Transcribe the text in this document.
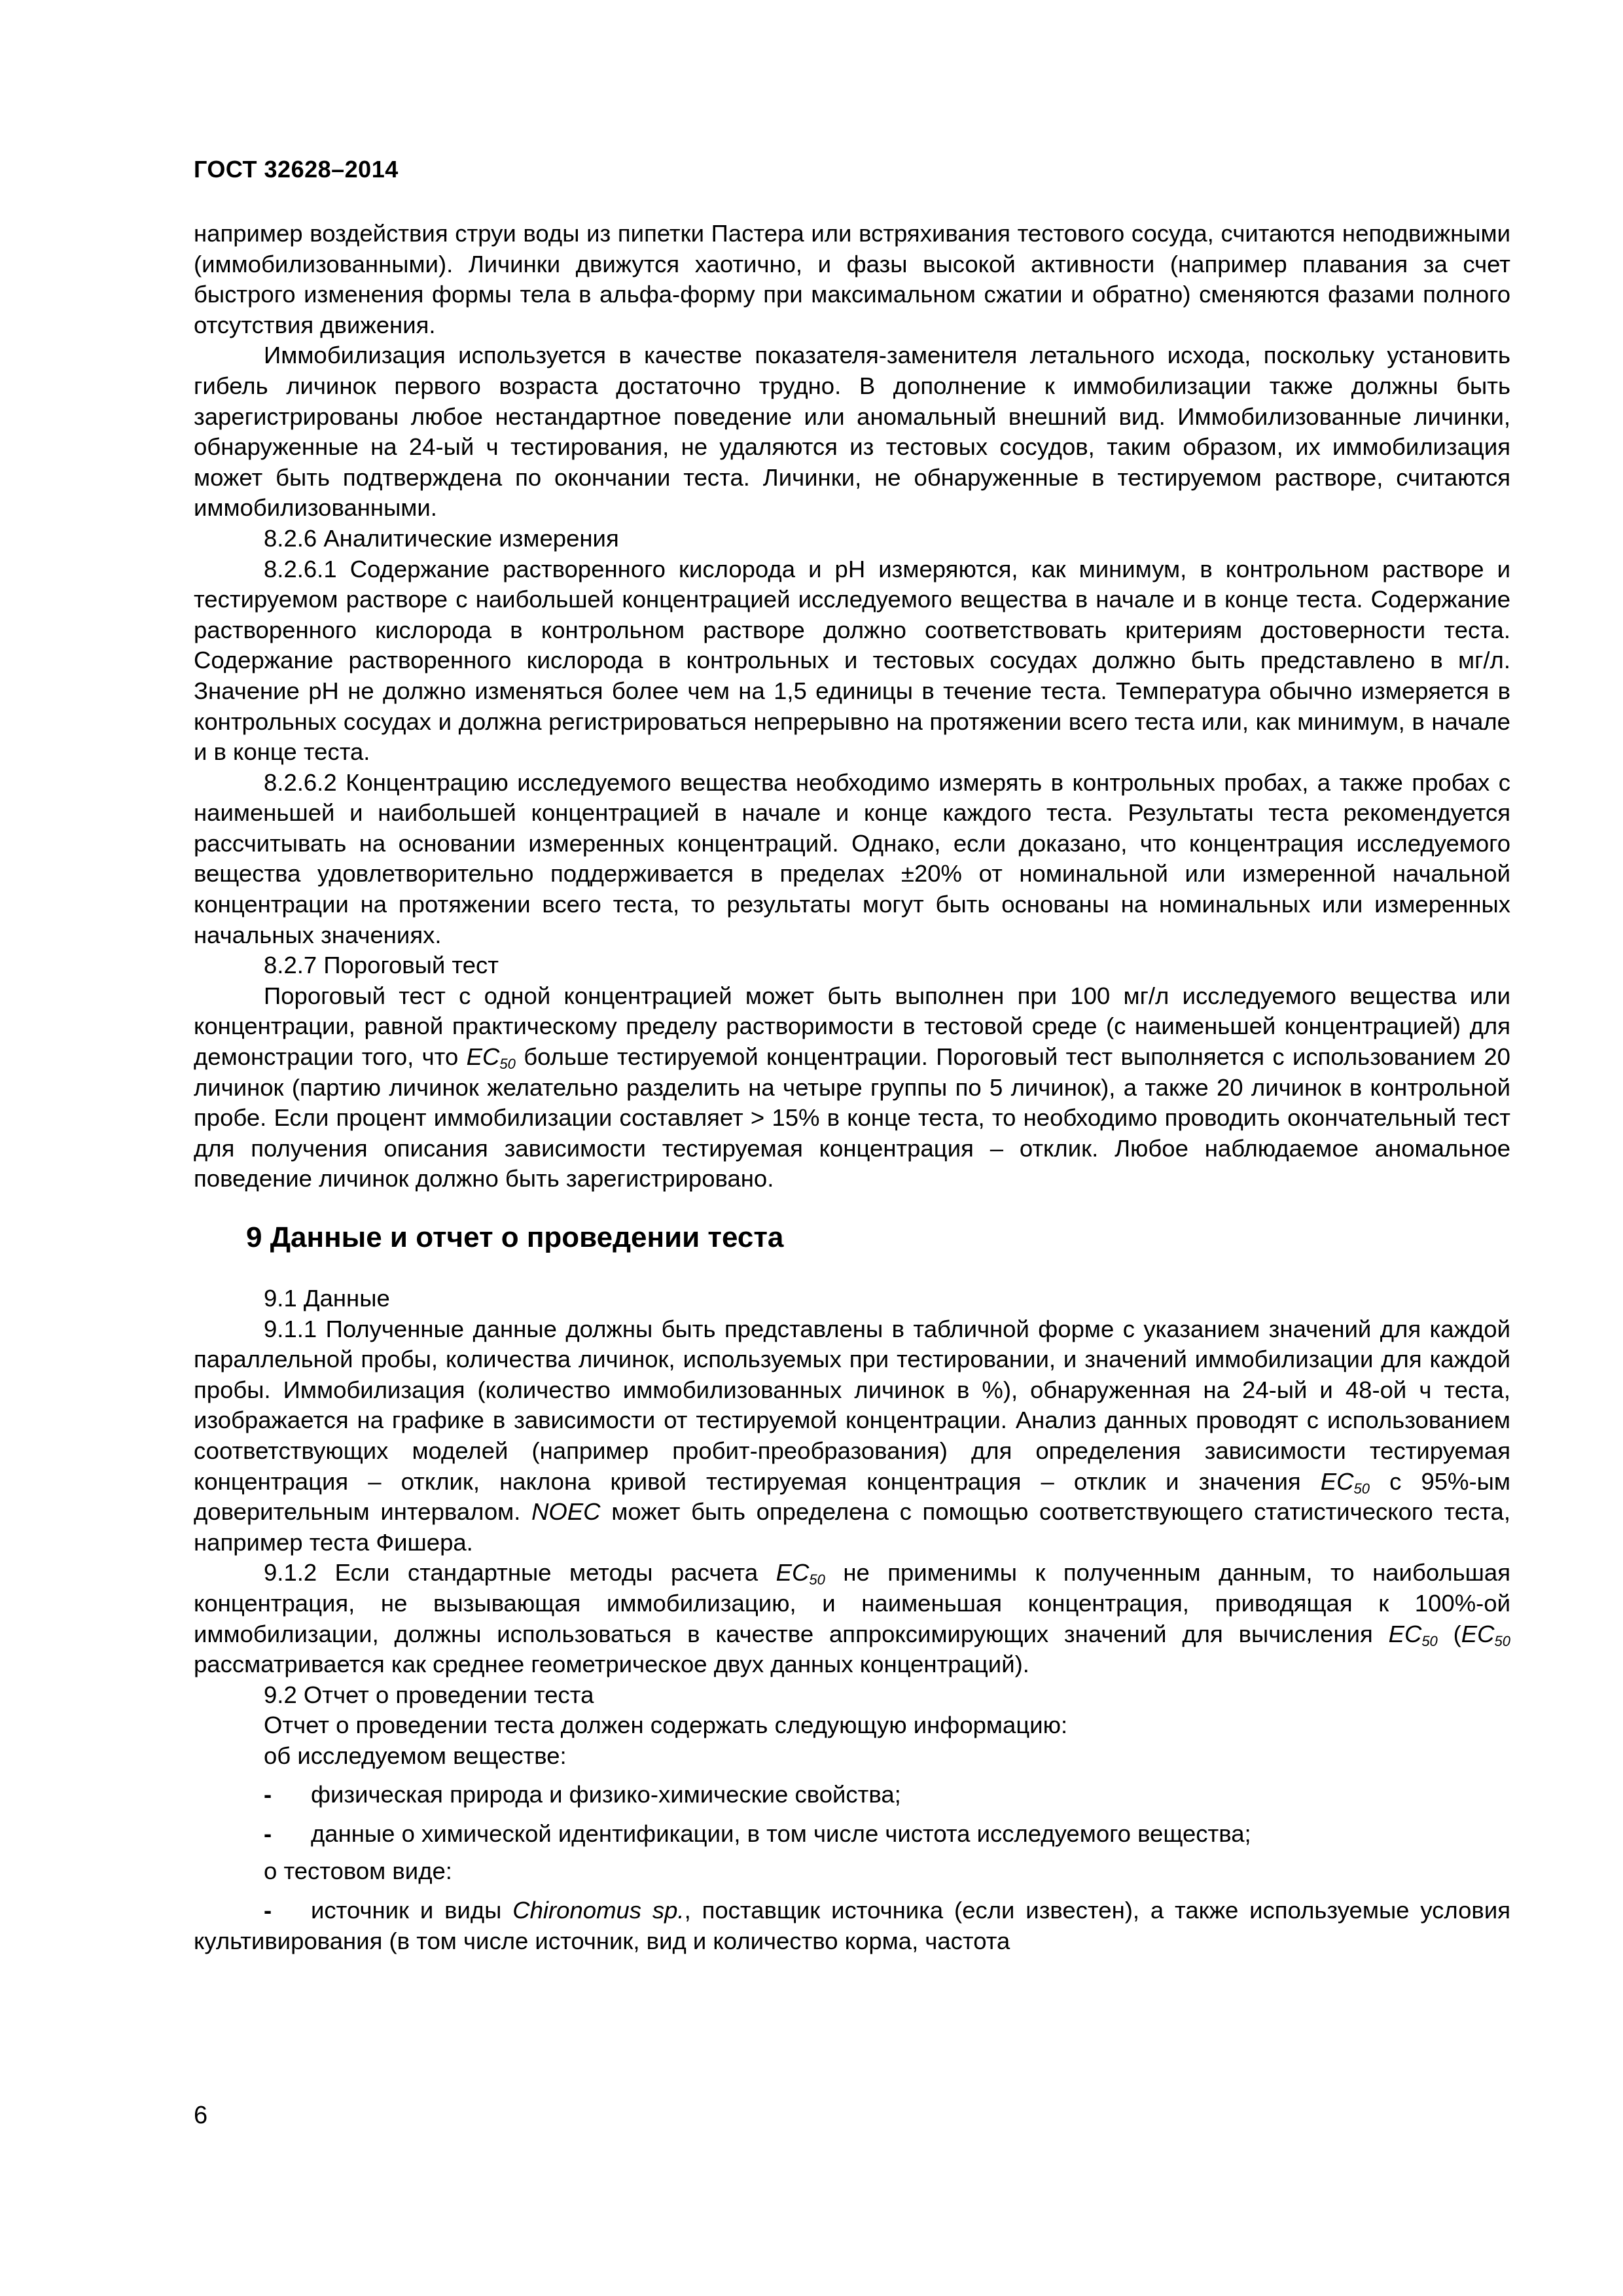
ГОСТ 32628–2014

например воздействия струи воды из пипетки Пастера или встряхивания тестового сосуда, считаются неподвижными (иммобилизованными). Личинки движутся хаотично, и фазы высокой активности (например плавания за счет быстрого изменения формы тела в альфа-форму при максимальном сжатии и обратно) сменяются фазами полного отсутствия движения.

Иммобилизация используется в качестве показателя-заменителя летального исхода, поскольку установить гибель личинок первого возраста достаточно трудно. В дополнение к иммобилизации также должны быть зарегистрированы любое нестандартное поведение или аномальный внешний вид. Иммобилизованные личинки, обнаруженные на 24-ый ч тестирования, не удаляются из тестовых сосудов, таким образом, их иммобилизация может быть подтверждена по окончании теста. Личинки, не обнаруженные в тестируемом растворе, считаются иммобилизованными.

8.2.6 Аналитические измерения

8.2.6.1 Содержание растворенного кислорода и pH измеряются, как минимум, в контрольном растворе и тестируемом растворе с наибольшей концентрацией исследуемого вещества в начале и в конце теста. Содержание растворенного кислорода в контрольном растворе должно соответствовать критериям достоверности теста. Содержание растворенного кислорода в контрольных и тестовых сосудах должно быть представлено в мг/л. Значение pH не должно изменяться более чем на 1,5 единицы в течение теста. Температура обычно измеряется в контрольных сосудах и должна регистрироваться непрерывно на протяжении всего теста или, как минимум, в начале и в конце теста.

8.2.6.2 Концентрацию исследуемого вещества необходимо измерять в контрольных пробах, а также пробах с наименьшей и наибольшей концентрацией в начале и конце каждого теста. Результаты теста рекомендуется рассчитывать на основании измеренных концентраций. Однако, если доказано, что концентрация исследуемого вещества удовлетворительно поддерживается в пределах ±20% от номинальной или измеренной начальной концентрации на протяжении всего теста, то результаты могут быть основаны на номинальных или измеренных начальных значениях.

8.2.7 Пороговый тест

Пороговый тест с одной концентрацией может быть выполнен при 100 мг/л исследуемого вещества или концентрации, равной практическому пределу растворимости в тестовой среде (с наименьшей концентрацией) для демонстрации того, что $EC_{50}$ больше тестируемой концентрации. Пороговый тест выполняется с использованием 20 личинок (партию личинок желательно разделить на четыре группы по 5 личинок), а также 20 личинок в контрольной пробе. Если процент иммобилизации составляет > 15% в конце теста, то необходимо проводить окончательный тест для получения описания зависимости тестируемая концентрация – отклик. Любое наблюдаемое аномальное поведение личинок должно быть зарегистрировано.

9 Данные и отчет о проведении теста

9.1 Данные

9.1.1 Полученные данные должны быть представлены в табличной форме с указанием значений для каждой параллельной пробы, количества личинок, используемых при тестировании, и значений иммобилизации для каждой пробы. Иммобилизация (количество иммобилизованных личинок в %), обнаруженная на 24-ый и 48-ой ч теста, изображается на графике в зависимости от тестируемой концентрации. Анализ данных проводят с использованием соответствующих моделей (например пробит-преобразования) для определения зависимости тестируемая концентрация – отклик, наклона кривой тестируемая концентрация – отклик и значения $EC_{50}$ с 95%-ым доверительным интервалом. NOEC может быть определена с помощью соответствующего статистического теста, например теста Фишера.

9.1.2 Если стандартные методы расчета $EC_{50}$ не применимы к полученным данным, то наибольшая концентрация, не вызывающая иммобилизацию, и наименьшая концентрация, приводящая к 100%-ой иммобилизации, должны использоваться в качестве аппроксимирующих значений для вычисления $EC_{50}$ ($EC_{50}$ рассматривается как среднее геометрическое двух данных концентраций).

9.2 Отчет о проведении теста

Отчет о проведении теста должен содержать следующую информацию:

об исследуемом веществе:

- физическая природа и физико-химические свойства;

- данные о химической идентификации, в том числе чистота исследуемого вещества;

о тестовом виде:

- источник и виды Chironomus sp., поставщик источника (если известен), а также используемые условия культивирования (в том числе источник, вид и количество корма, частота

6
